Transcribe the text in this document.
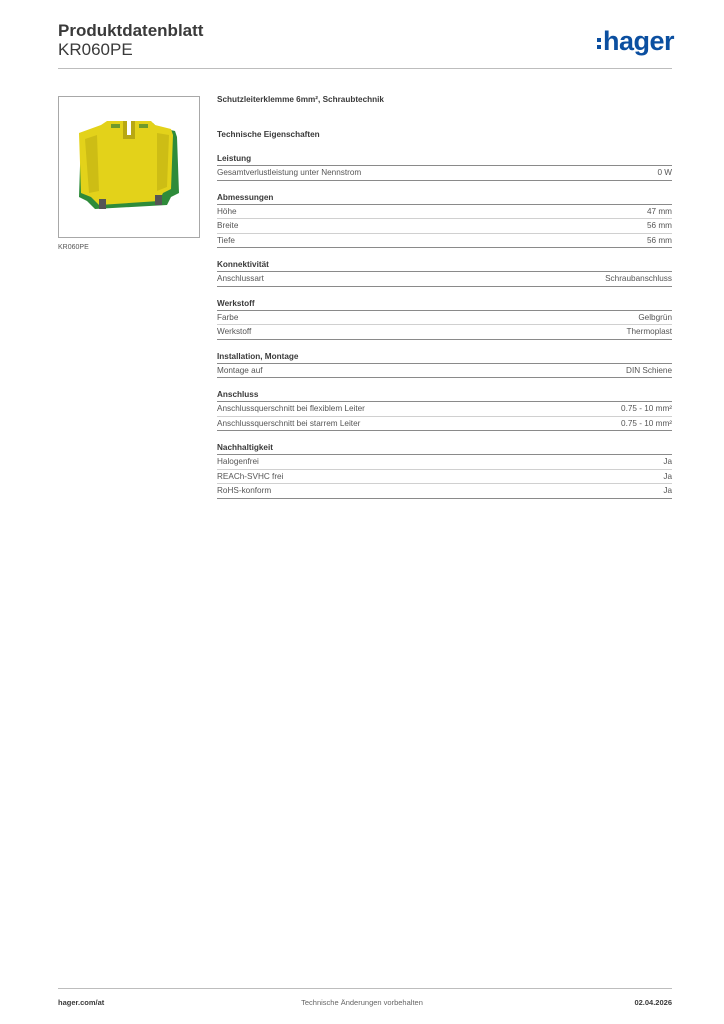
Produktdatenblatt
KR060PE	hager
KR060PE
Schutzleiterklemme 6mm², Schraubtechnik
Technische Eigenschaften
Leistung
Gesamtverlustleistung unter Nennstrom	0 W
Abmessungen
Höhe	47 mm
Breite	56 mm
Tiefe	56 mm
Konnektivität
Anschlussart	Schraubanschluss
Werkstoff
Farbe	Gelbgrün
Werkstoff	Thermoplast
Installation, Montage
Montage auf	DIN Schiene
Anschluss
Anschlussquerschnitt bei flexiblem Leiter	0.75 - 10 mm²
Anschlussquerschnitt bei starrem Leiter	0.75 - 10 mm²
Nachhaltigkeit
Halogenfrei	Ja
REACh-SVHC frei	Ja
RoHS-konform	Ja
hager.com/at	Technische Änderungen vorbehalten	02.04.2026
